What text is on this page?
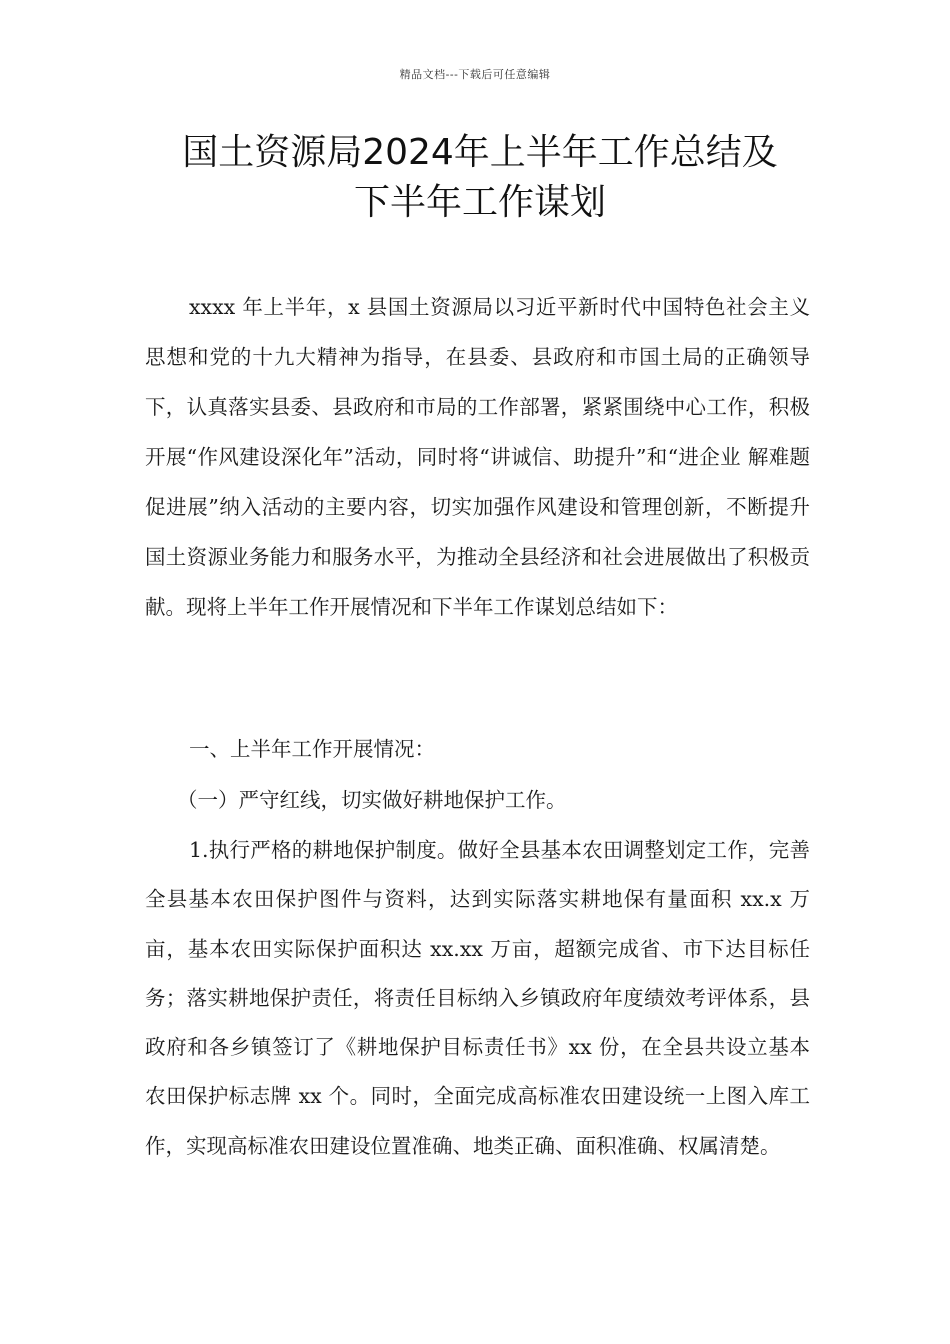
精品文档---下载后可任意编辑
国土资源局2024年上半年工作总结及
下半年工作谋划

xxxx 年上半年，x 县国土资源局以习近平新时代中国特色社会主义思想和党的十九大精神为指导，在县委、县政府和市国土局的正确领导下，认真落实县委、县政府和市局的工作部署，紧紧围绕中心工作，积极开展“作风建设深化年”活动，同时将“讲诚信、助提升”和“进企业 解难题 促进展”纳入活动的主要内容，切实加强作风建设和管理创新，不断提升国土资源业务能力和服务水平，为推动全县经济和社会进展做出了积极贡献。现将上半年工作开展情况和下半年工作谋划总结如下：

一、上半年工作开展情况：

（一）严守红线，切实做好耕地保护工作。

1.执行严格的耕地保护制度。做好全县基本农田调整划定工作，完善全县基本农田保护图件与资料，达到实际落实耕地保有量面积 xx.x 万亩，基本农田实际保护面积达 xx.xx 万亩，超额完成省、市下达目标任务；落实耕地保护责任，将责任目标纳入乡镇政府年度绩效考评体系，县政府和各乡镇签订了《耕地保护目标责任书》xx 份，在全县共设立基本农田保护标志牌 xx 个。同时，全面完成高标准农田建设统一上图入库工作，实现高标准农田建设位置准确、地类正确、面积准确、权属清楚。
